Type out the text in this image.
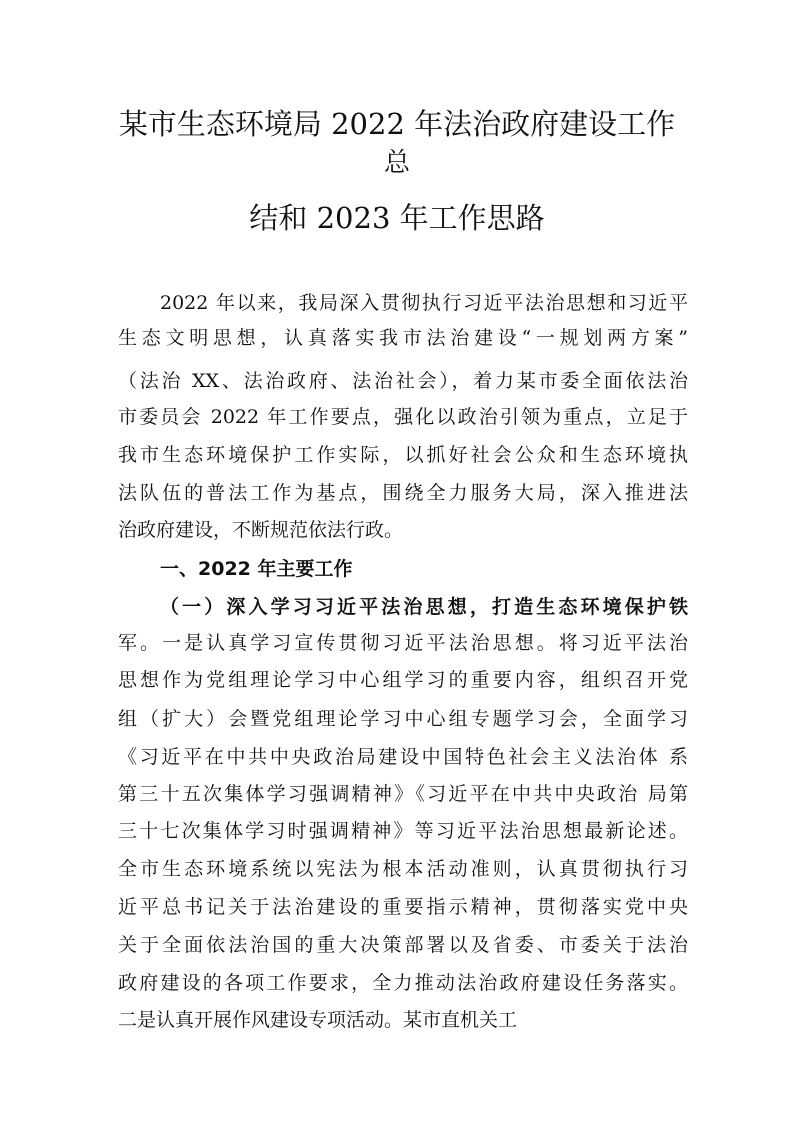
某市生态环境局 2022 年法治政府建设工作
总
结和 2023 年工作思路
2022 年以来，我局深入贯彻执行习近平法治思想和习近平
生态文明思想，认真落实我市法治建设“一规划两方案”
（法治 XX、法治政府、法治社会），着力某市委全面依法治
市委员会 2022 年工作要点，强化以政治引领为重点，立足于
我市生态环境保护工作实际，以抓好社会公众和生态环境执
法队伍的普法工作为基点，围绕全力服务大局，深入推进法
治政府建设，不断规范依法行政。
一、2022 年主要工作
（一）深入学习习近平法治思想，打造生态环境保护铁
军。一是认真学习宣传贯彻习近平法治思想。将习近平法治
思想作为党组理论学习中心组学习的重要内容，组织召开党
组（扩大）会暨党组理论学习中心组专题学习会，全面学习
《习近平在中共中央政治局建设中国特色社会主义法治体 系
第三十五次集体学习强调精神》《习近平在中共中央政治 局第
三十七次集体学习时强调精神》等习近平法治思想最新论述。
全市生态环境系统以宪法为根本活动准则，认真贯彻执行习
近平总书记关于法治建设的重要指示精神，贯彻落实党中央
关于全面依法治国的重大决策部署以及省委、市委关于法治
政府建设的各项工作要求，全力推动法治政府建设任务落实。
二是认真开展作风建设专项活动。某市直机关工
